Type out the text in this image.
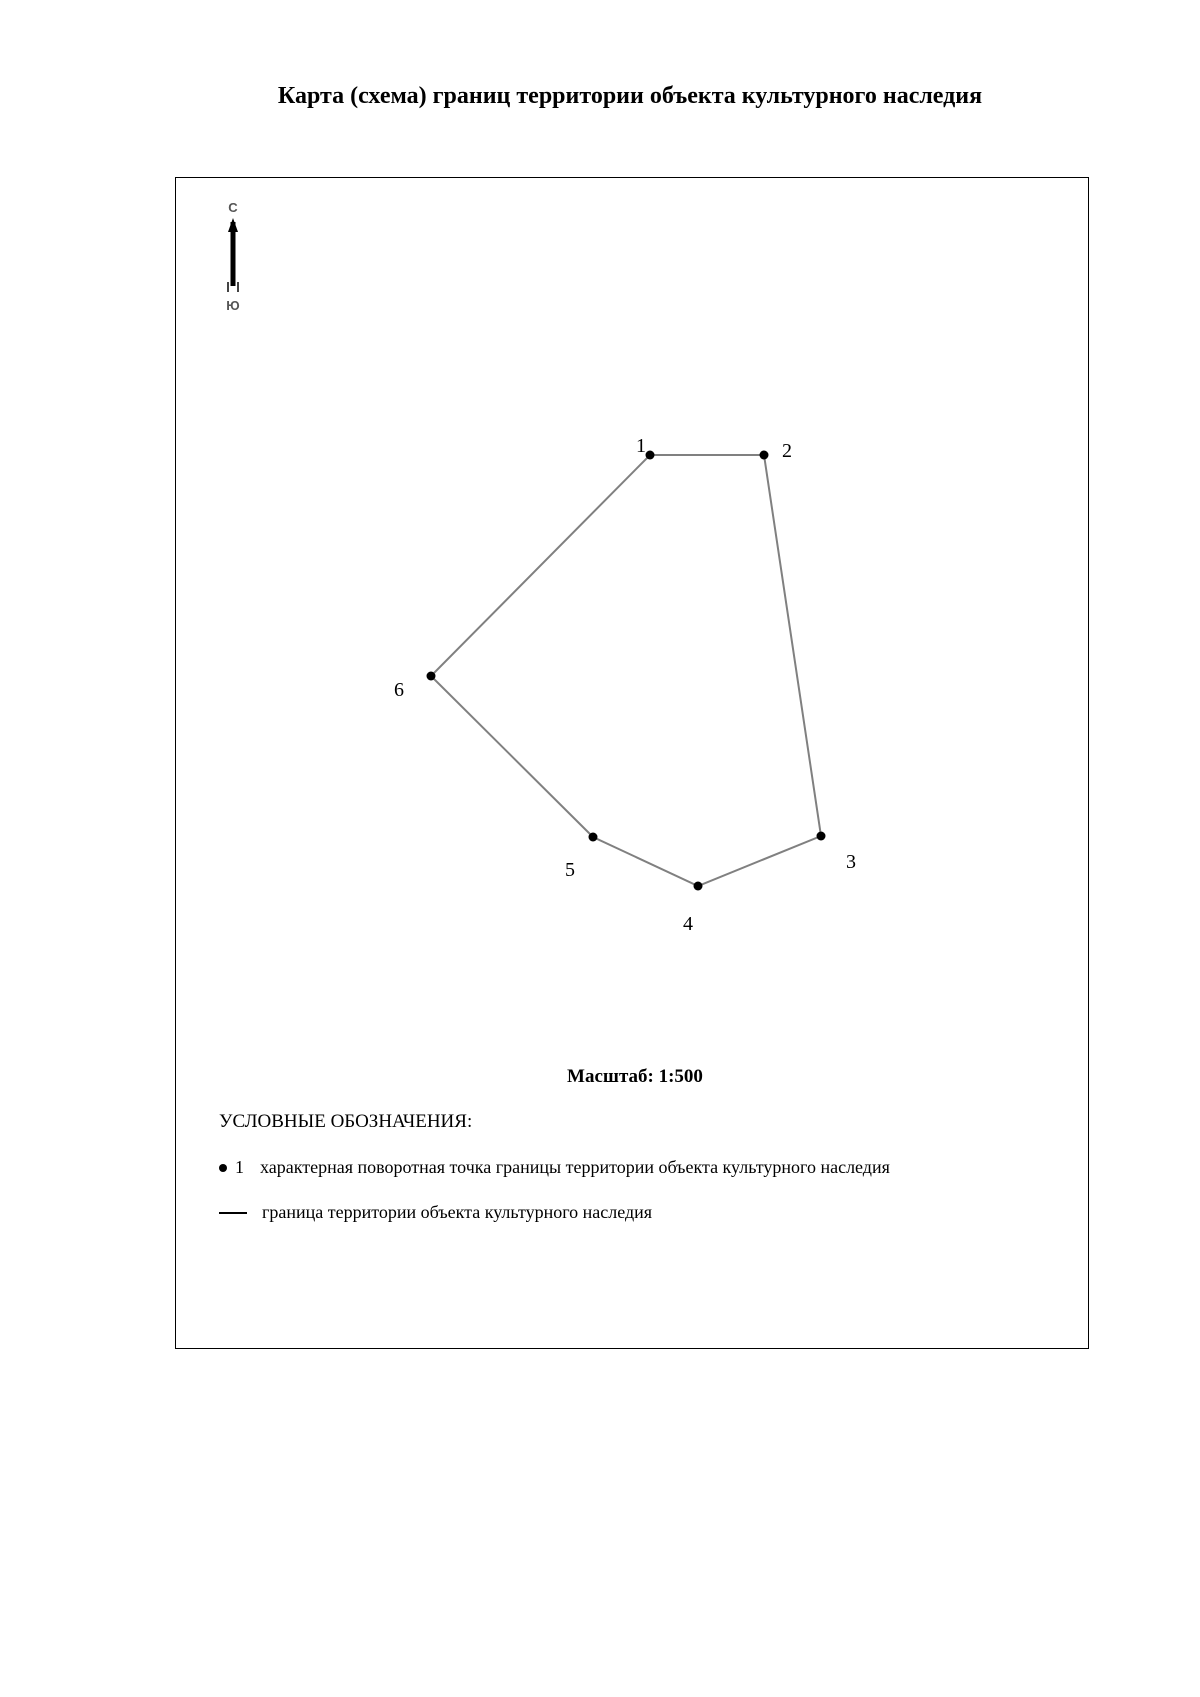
Карта (схема) границ территории объекта культурного наследия
С
Ю
1	2
3
4
5
6
Масштаб: 1:500
УСЛОВНЫЕ ОБОЗНАЧЕНИЯ:
1 характерная поворотная точка границы территории объекта культурного наследия
граница территории объекта культурного наследия
